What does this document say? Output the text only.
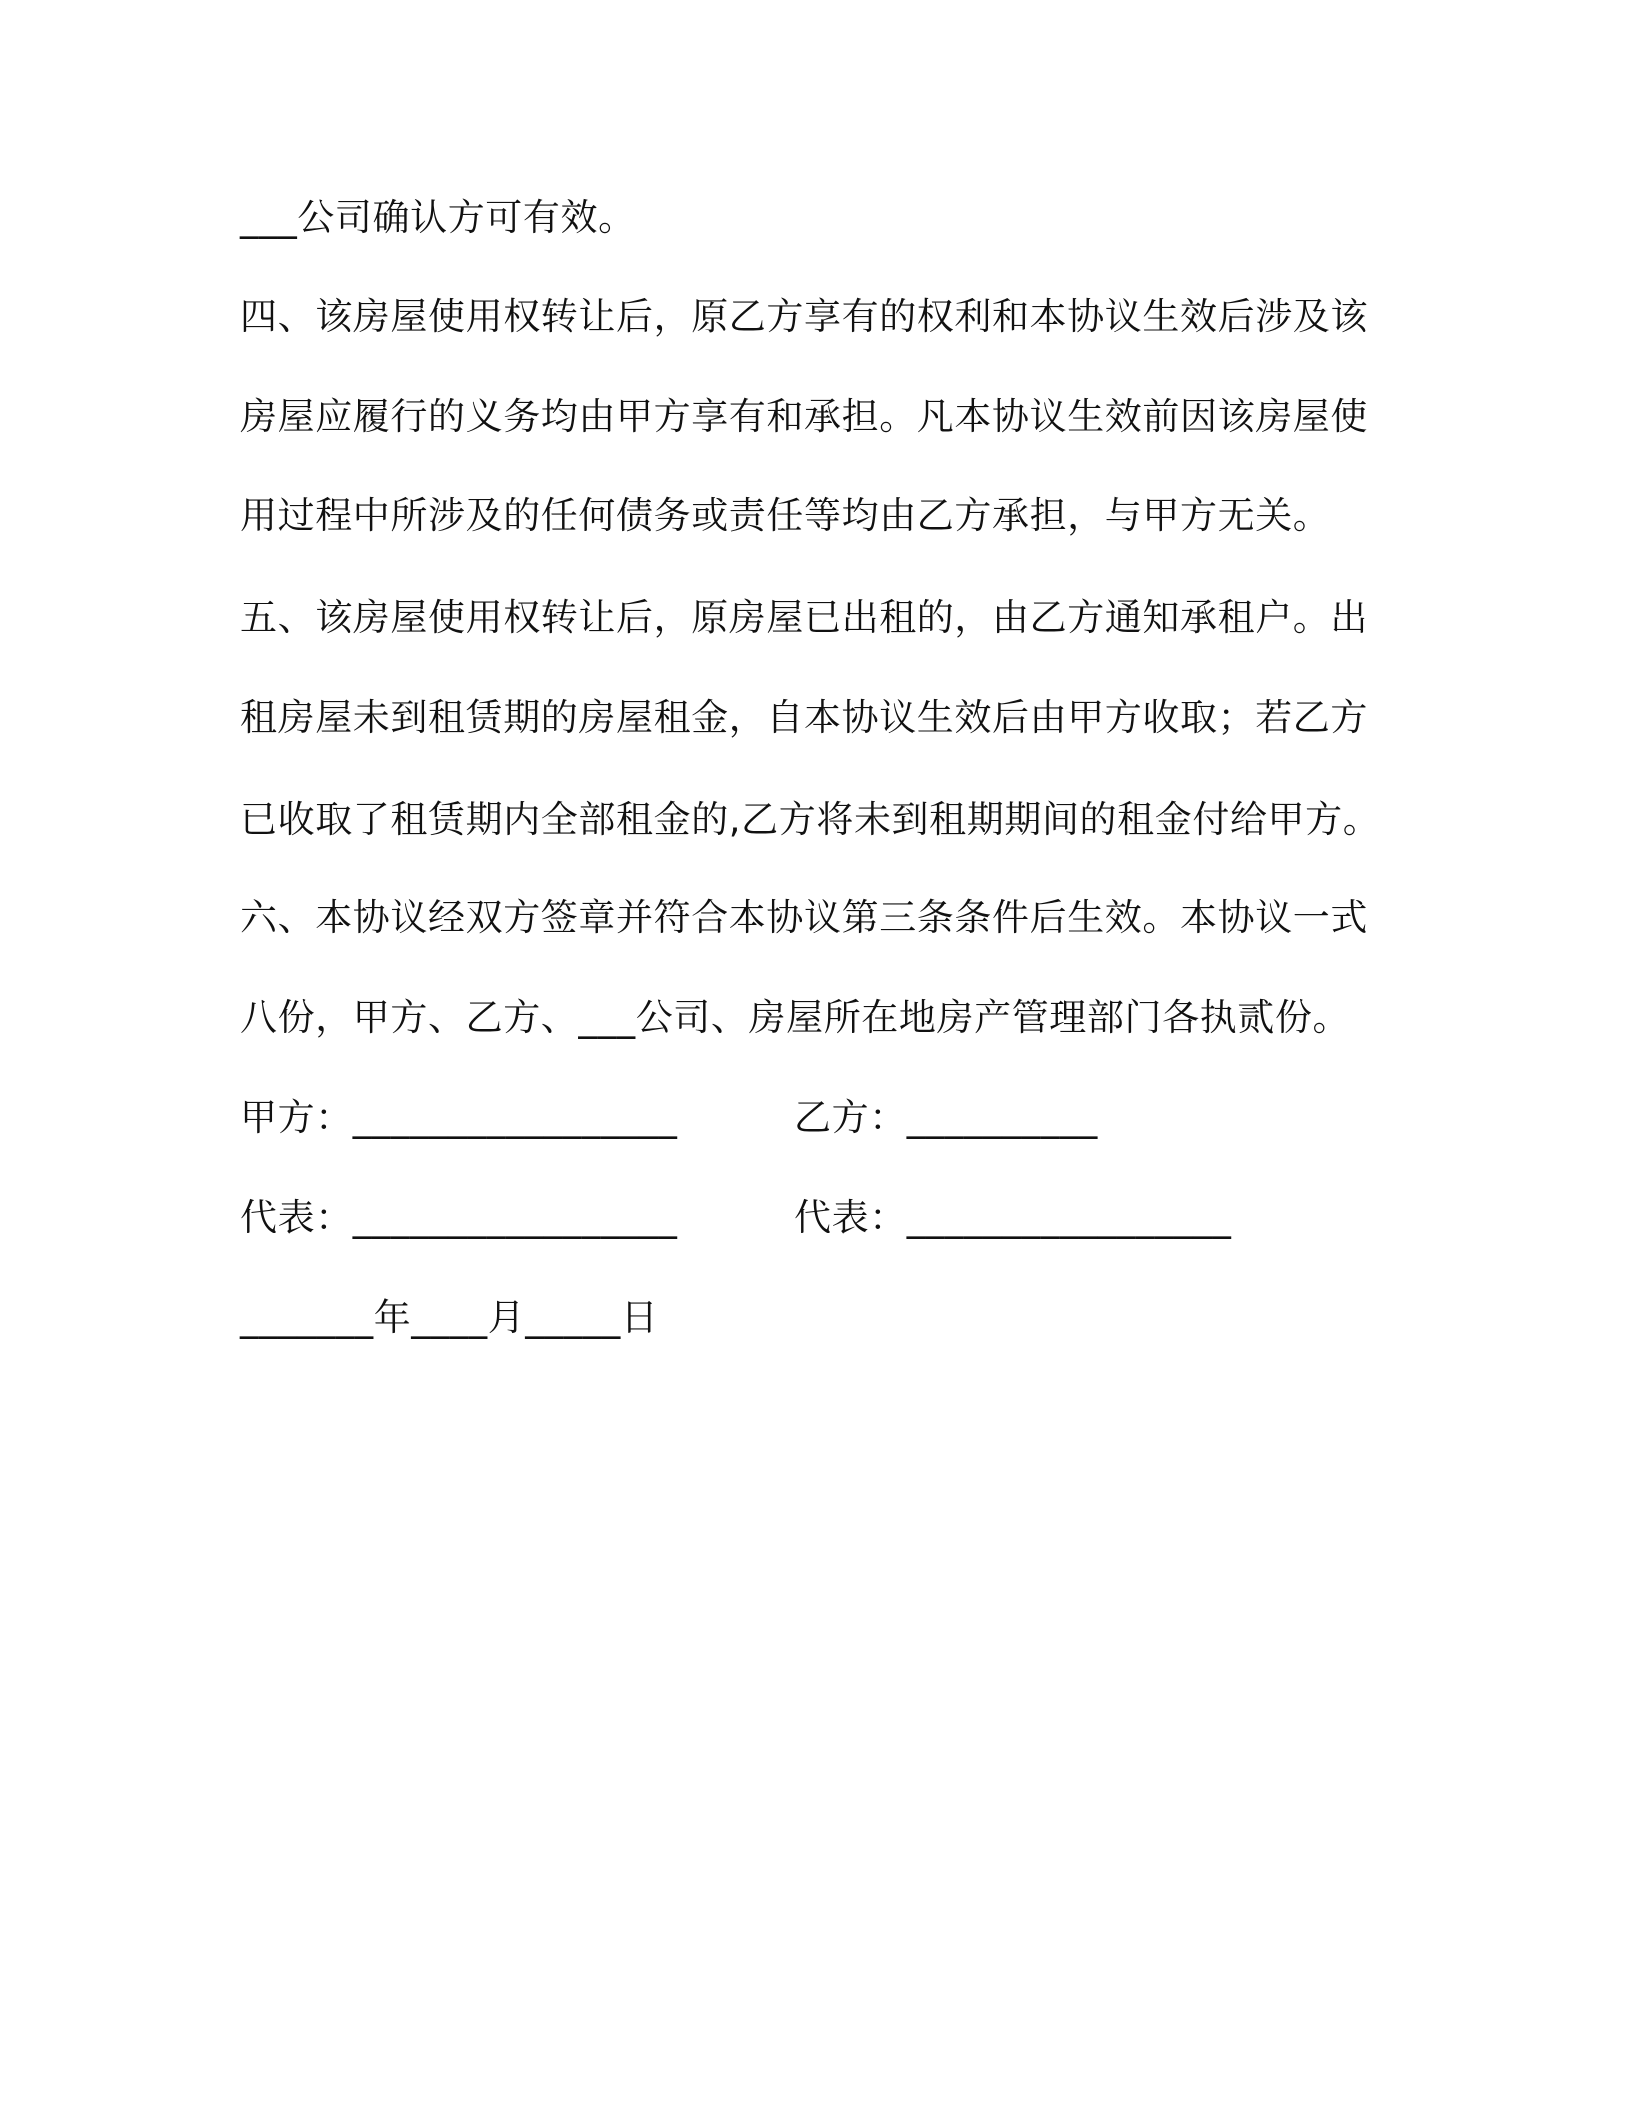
___公司确认方可有效。
四、该房屋使用权转让后，原乙方享有的权利和本协议生效后涉及该
房屋应履行的义务均由甲方享有和承担。凡本协议生效前因该房屋使
用过程中所涉及的任何债务或责任等均由乙方承担，与甲方无关。
五、该房屋使用权转让后，原房屋已出租的，由乙方通知承租户。出
租房屋未到租赁期的房屋租金，自本协议生效后由甲方收取；若乙方
已收取了租赁期内全部租金的,乙方将未到租期期间的租金付给甲方。
六、本协议经双方签章并符合本协议第三条条件后生效。本协议一式
八份，甲方、乙方、___公司、房屋所在地房产管理部门各执贰份。
甲方：_________________	乙方：__________
代表：_________________	代表：_________________
_______年____月_____日
